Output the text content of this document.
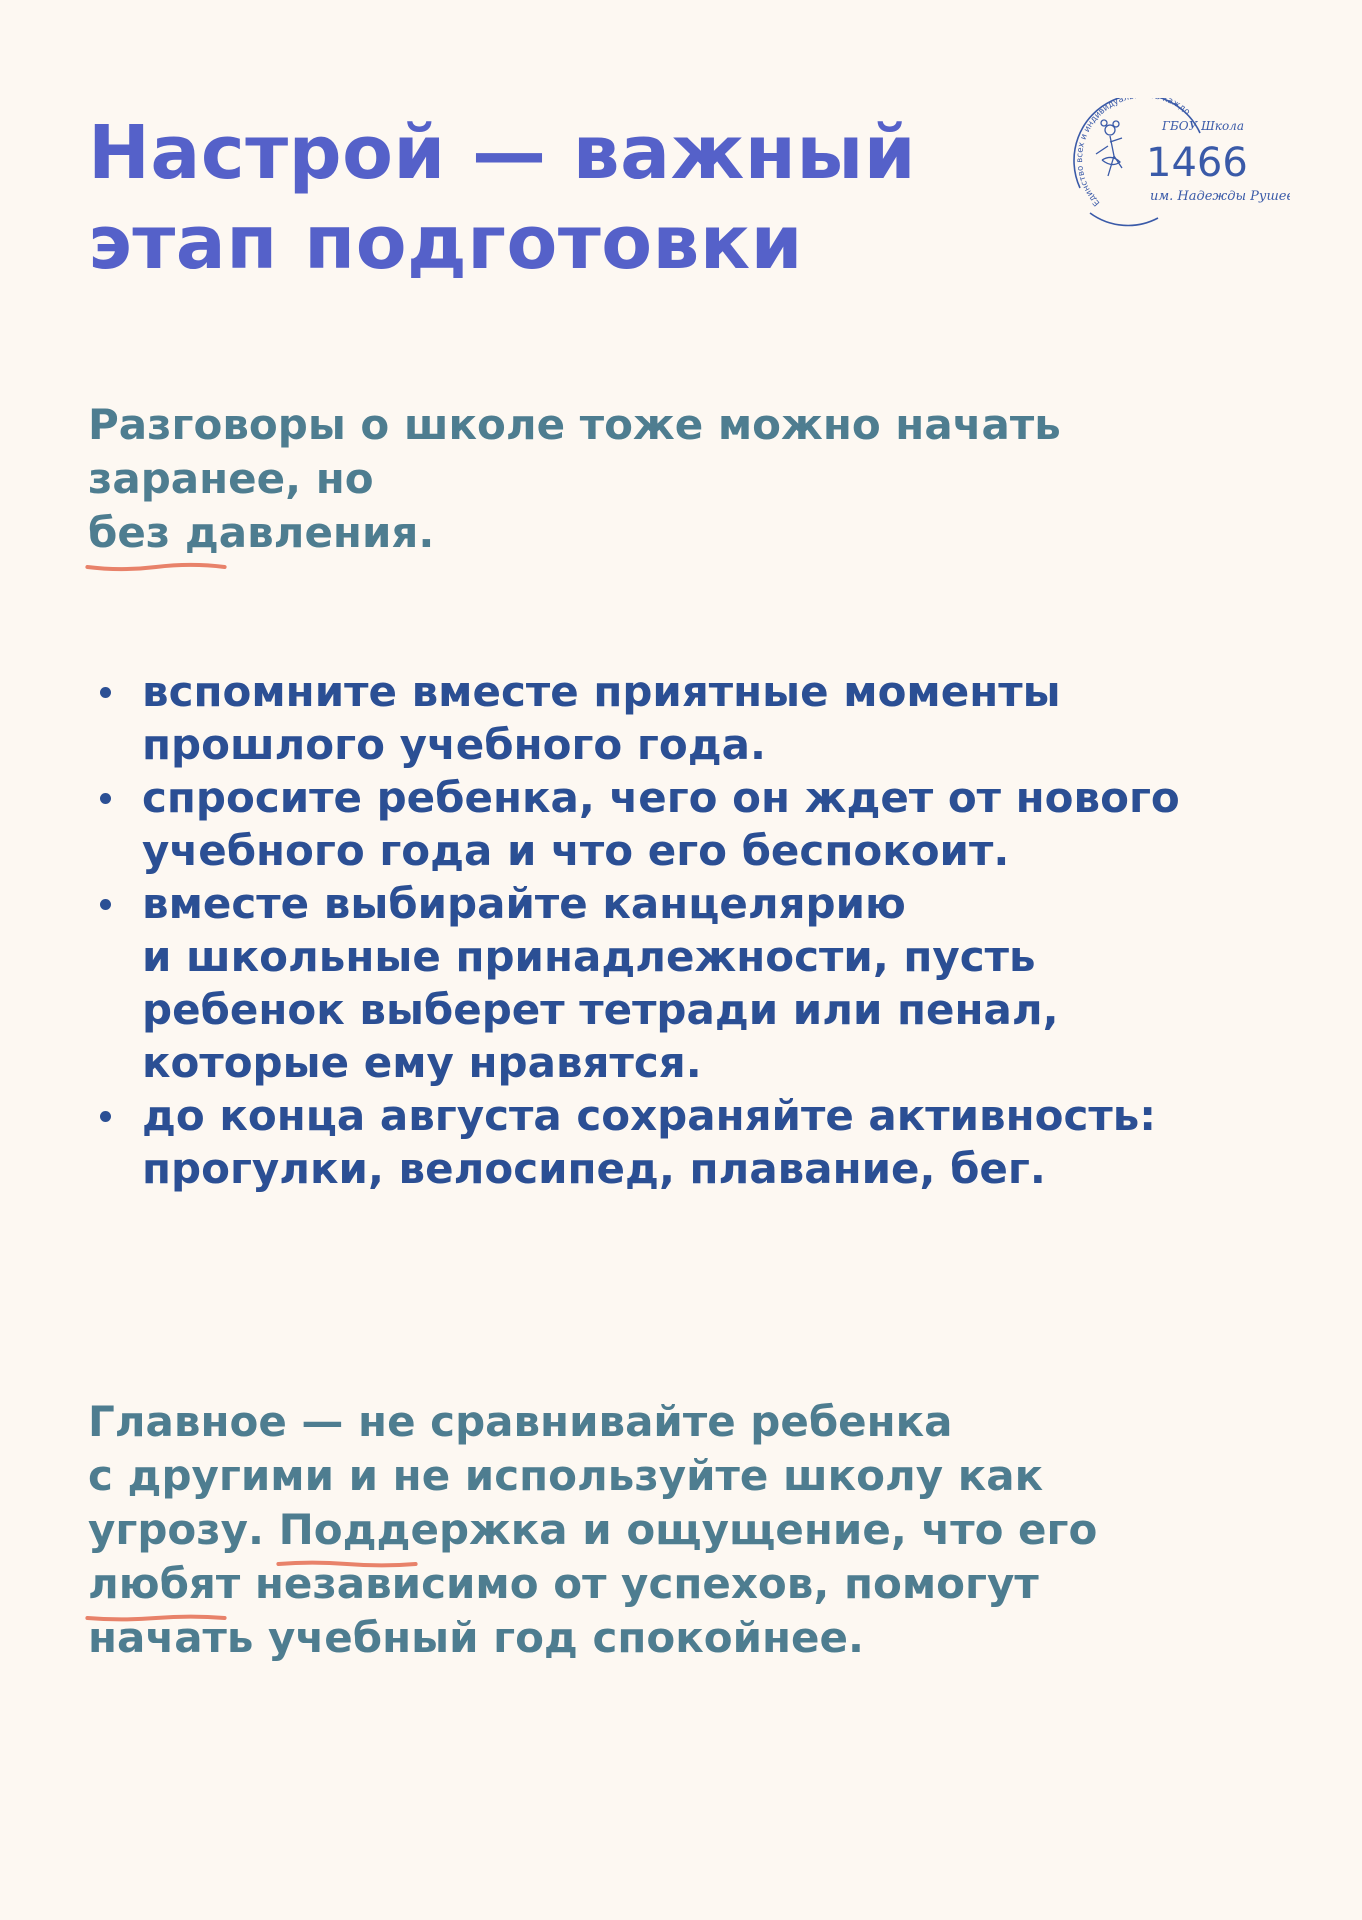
Настрой — важный
этап подготовки	Единство всех и индивидуал каждо
ГБОУ Школа
1466
им. Надежды Руше

Разговоры о школе тоже можно начать
заранее, но
без давления.

вспомните вместе приятные моменты
прошлого учебного года.
спросите ребенка, чего он ждет от нового
учебного года и что его беспокоит.
вместе выбирайте канцелярию
и школьные принадлежности, пусть
ребенок выберет тетради или пенал,
которые ему нравятся.
до конца августа сохраняйте активность:
прогулки, велосипед, плавание, бег.

Главное — не сравнивайте ребенка
с другими и не используйте школу как
угрозу. Поддержка и ощущение, что его
любят независимо от успехов
, помогут
начать учебный год спокойнее.
